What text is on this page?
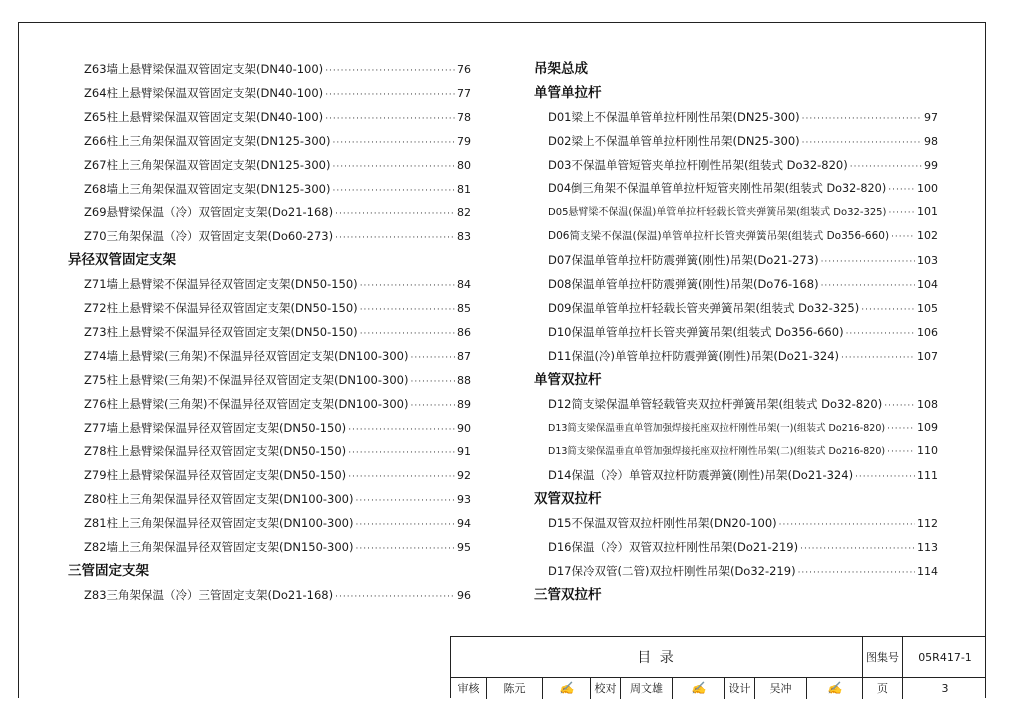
Z63墙上悬臂梁保温双管固定支架(DN40-100) ·····	76
Z64柱上悬臂梁保温双管固定支架(DN40-100) ·····	77
Z65柱上悬臂梁保温双管固定支架(DN40-100) ·····	78
Z66柱上三角架保温双管固定支架(DN125-300) ·····	79
Z67柱上三角架保温双管固定支架(DN125-300) ·····	80
Z68墙上三角架保温双管固定支架(DN125-300) ·····	81
Z69悬臂梁保温（冷）双管固定支架(Do21-168) ·····	82
Z70三角架保温（冷）双管固定支架(Do60-273) ·····	83
异径双管固定支架
Z71墙上悬臂梁不保温异径双管固定支架(DN50-150) ·····	84
Z72柱上悬臂梁不保温异径双管固定支架(DN50-150) ·····	85
Z73柱上悬臂梁不保温异径双管固定支架(DN50-150) ·····	86
Z74墙上悬臂梁(三角架)不保温异径双管固定支架(DN100-300) ·····	87
Z75柱上悬臂梁(三角架)不保温异径双管固定支架(DN100-300) ·····	88
Z76柱上悬臂梁(三角架)不保温异径双管固定支架(DN100-300) ·····	89
Z77墙上悬臂梁保温异径双管固定支架(DN50-150) ·····	90
Z78柱上悬臂梁保温异径双管固定支架(DN50-150) ·····	91
Z79柱上悬臂梁保温异径双管固定支架(DN50-150) ·····	92
Z80柱上三角架保温异径双管固定支架(DN100-300) ·····	93
Z81柱上三角架保温异径双管固定支架(DN100-300) ·····	94
Z82墙上三角架保温异径双管固定支架(DN150-300) ·····	95
三管固定支架
Z83三角架保温（冷）三管固定支架(Do21-168) ·····	96
吊架总成
单管单拉杆
D01梁上不保温单管单拉杆刚性吊架(DN25-300) ·····	97
D02梁上不保温单管单拉杆刚性吊架(DN25-300) ·····	98
D03不保温单管短管夹单拉杆刚性吊架(组装式 Do32-820) ·····	99
D04倒三角架不保温单管单拉杆短管夹刚性吊架(组装式 Do32-820) ·····	100
D05悬臂梁不保温(保温)单管单拉杆轻载长管夹弹簧吊架(组装式 Do32-325) ·····	101
D06简支梁不保温(保温)单管单拉杆长管夹弹簧吊架(组装式 Do356-660) ·····	102
D07保温单管单拉杆防震弹簧(刚性)吊架(Do21-273) ·····	103
D08保温单管单拉杆防震弹簧(刚性)吊架(Do76-168) ·····	104
D09保温单管单拉杆轻载长管夹弹簧吊架(组装式 Do32-325) ·····	105
D10保温单管单拉杆长管夹弹簧吊架(组装式 Do356-660) ·····	106
D11保温(冷)单管单拉杆防震弹簧(刚性)吊架(Do21-324) ·····	107
单管双拉杆
D12简支梁保温单管轻载管夹双拉杆弹簧吊架(组装式 Do32-820) ·····	108
D13简支梁保温垂直单管加强焊接托座双拉杆刚性吊架(一)(组装式 Do216-820) ·····	109
D13简支梁保温垂直单管加强焊接托座双拉杆刚性吊架(二)(组装式 Do216-820) ·····	110
D14保温（冷）单管双拉杆防震弹簧(刚性)吊架(Do21-324) ·····	111
双管双拉杆
D15不保温双管双拉杆刚性吊架(DN20-100) ·····	112
D16保温（冷）双管双拉杆刚性吊架(Do21-219) ·····	113
D17保冷双管(二管)双拉杆刚性吊架(Do32-219) ·····	114
三管双拉杆
目 录	图集号	05R417-1
审核	陈元	✍	校对	周文雄	✍	设计	吴冲	✍	页	3
